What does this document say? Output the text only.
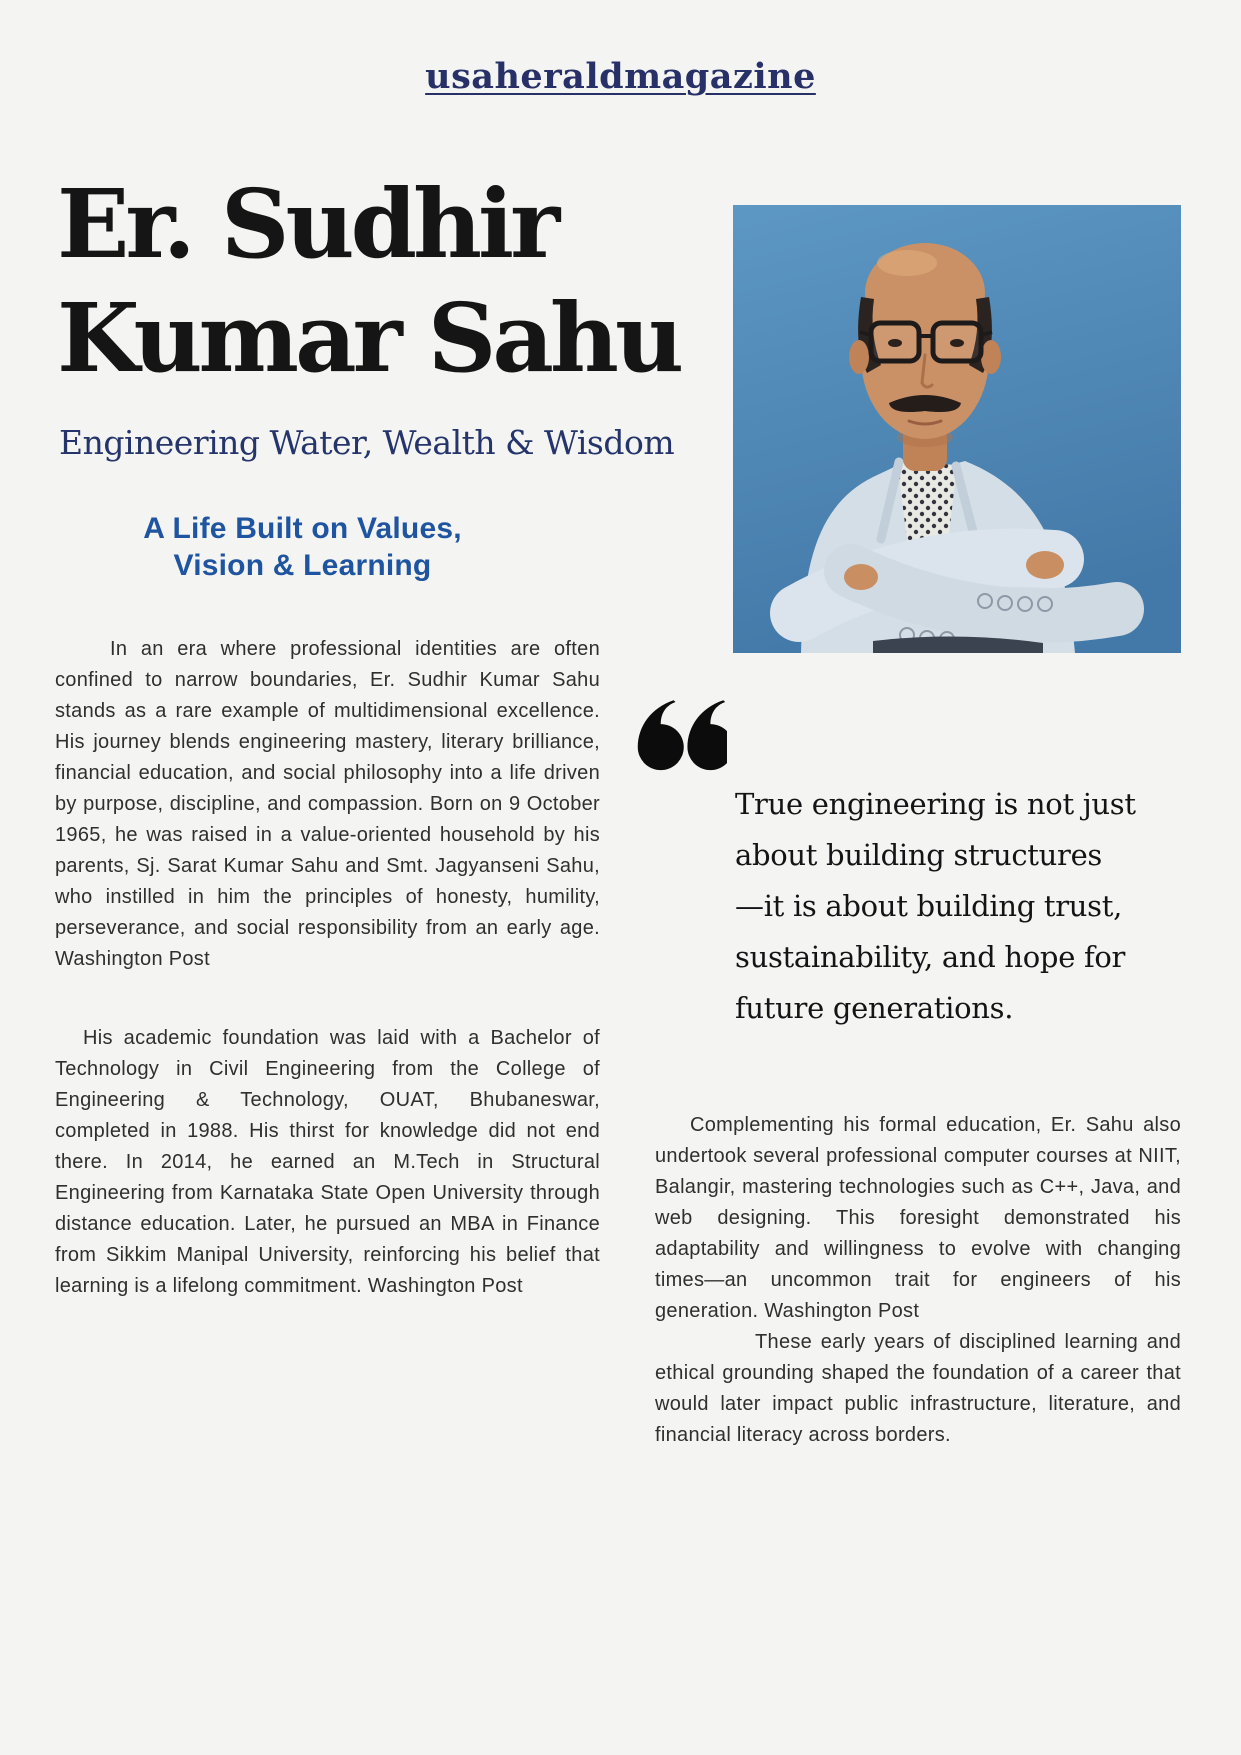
usaheraldmagazine
Er. Sudhir
Kumar Sahu
Engineering Water, Wealth & Wisdom
A Life Built on Values,
Vision & Learning

In an era where professional identities are often confined to narrow boundaries, Er. Sudhir Kumar Sahu stands as a rare example of multidimensional excellence. His journey blends engineering mastery, literary brilliance, financial education, and social philosophy into a life driven by purpose, discipline, and compassion. Born on 9 October 1965, he was raised in a value-oriented household by his parents, Sj. Sarat Kumar Sahu and Smt. Jagyanseni Sahu, who instilled in him the principles of honesty, humility, perseverance, and social responsibility from an early age. Washington Post

His academic foundation was laid with a Bachelor of Technology in Civil Engineering from the College of Engineering & Technology, OUAT, Bhubaneswar, completed in 1988. His thirst for knowledge did not end there. In 2014, he earned an M.Tech in Structural Engineering from Karnataka State Open University through distance education. Later, he pursued an MBA in Finance from Sikkim Manipal University, reinforcing his belief that learning is a lifelong commitment. Washington Post

True engineering is not just
about building structures
—it is about building trust,
sustainability, and hope for
future generations.

Complementing his formal education, Er. Sahu also undertook several professional computer courses at NIIT, Balangir, mastering technologies such as C++, Java, and web designing. This foresight demonstrated his adaptability and willingness to evolve with changing times—an uncommon trait for engineers of his generation. Washington Post

These early years of disciplined learning and ethical grounding shaped the foundation of a career that would later impact public infrastructure, literature, and financial literacy across borders.
